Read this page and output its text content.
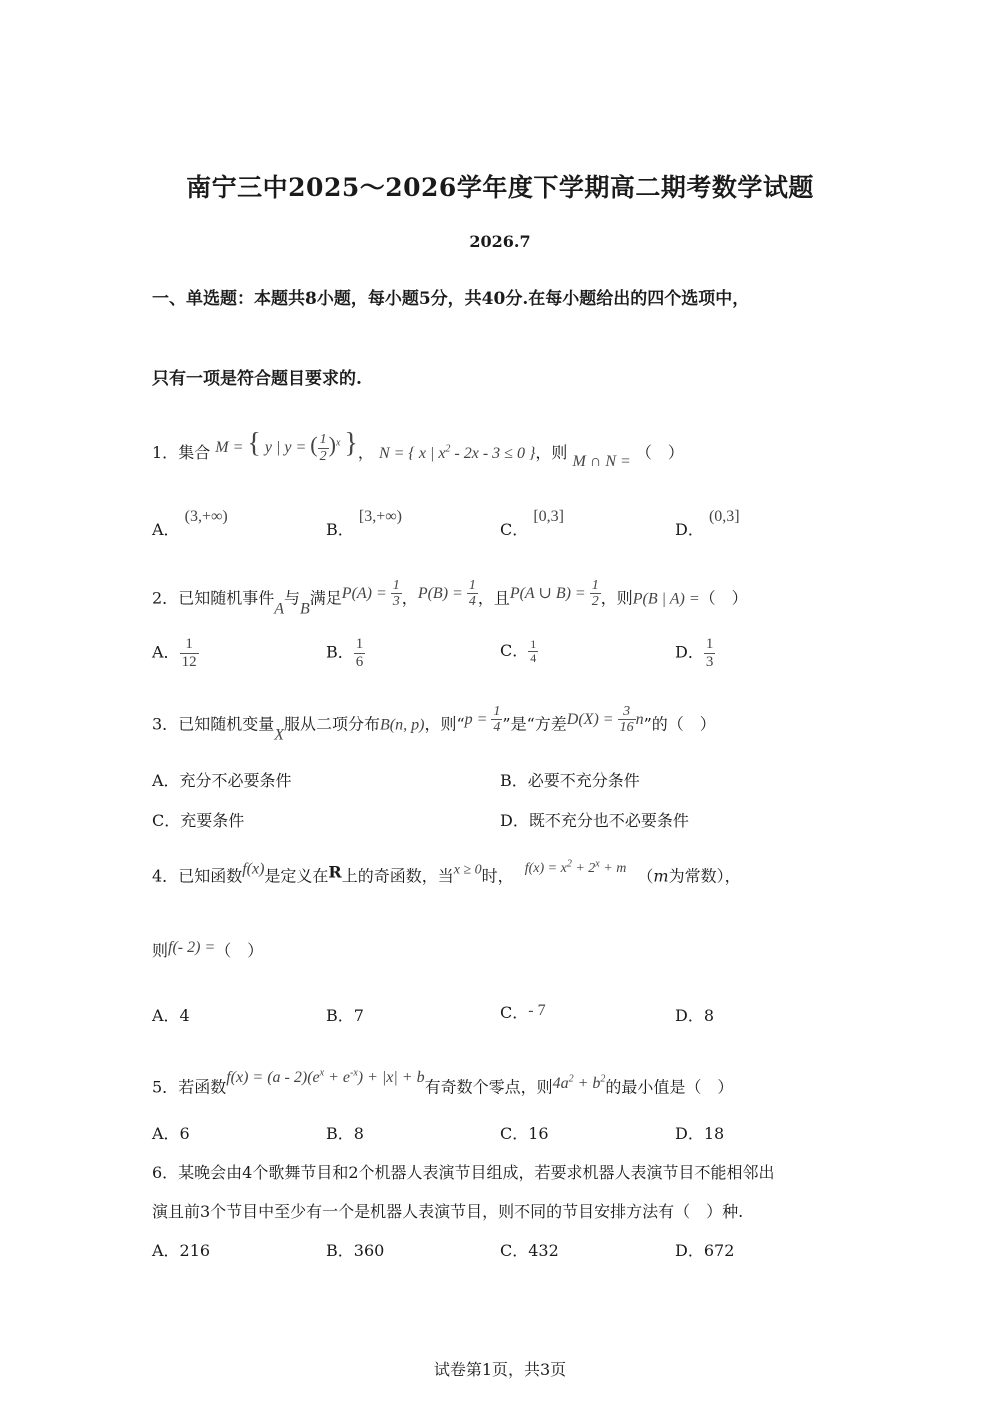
南宁三中2025～2026学年度下学期高二期考数学试题
2026.7
一、单选题：本题共8小题，每小题5分，共40分.在每小题给出的四个选项中，
只有一项是符合题目要求的.
1．集合 M = { y | y = ( $\frac{1}{2} )^x$ }， N = { x | $x^2 - 2x - 3 \le 0$ }，则 M ∩ N = （　）
A． (3,+∞)
B． [3,+∞)
C． [0,3]
D． (0,3]
2．已知随机事件A与B满足$P(A) = \frac{1}{3}$ ，$P(B) = \frac{1}{4}$ ，且P(A ∪ $B) = \frac{1}{2}$ ，则P(B | A) =（　）
A． $\frac{1}{12}$	B． $\frac{1}{6}$	C． $\frac{1}{4}$	D． $\frac{1}{3}$
3．已知随机变量X服从二项分布B(n, p)，则“$p = \frac{1}{4}$ ”是“方差$D(X) = \frac{3}{16} n$”的（　）
A．充分不必要条件	B．必要不充分条件
C．充要条件	D．既不充分也不必要条件
4．已知函数f(x)是定义在R上的奇函数，当x ≥ 0时， $f(x) = x^2 + 2^x + m$ （m为常数），
则f(- 2) =（　）
A．4	B．7	C．- 7	D．8
5．若函数$f(x) = (a - 2)(e^x + e^{-x}) + |x| + b$有奇数个零点，则$4a^2 + b^2$的最小值是（　）
A．6	B．8	C．16	D．18
6．某晚会由4个歌舞节目和2个机器人表演节目组成，若要求机器人表演节目不能相邻出
演且前3个节目中至少有一个是机器人表演节目，则不同的节目安排方法有（　）种.
A．216	B．360	C．432	D．672
试卷第1页，共3页
